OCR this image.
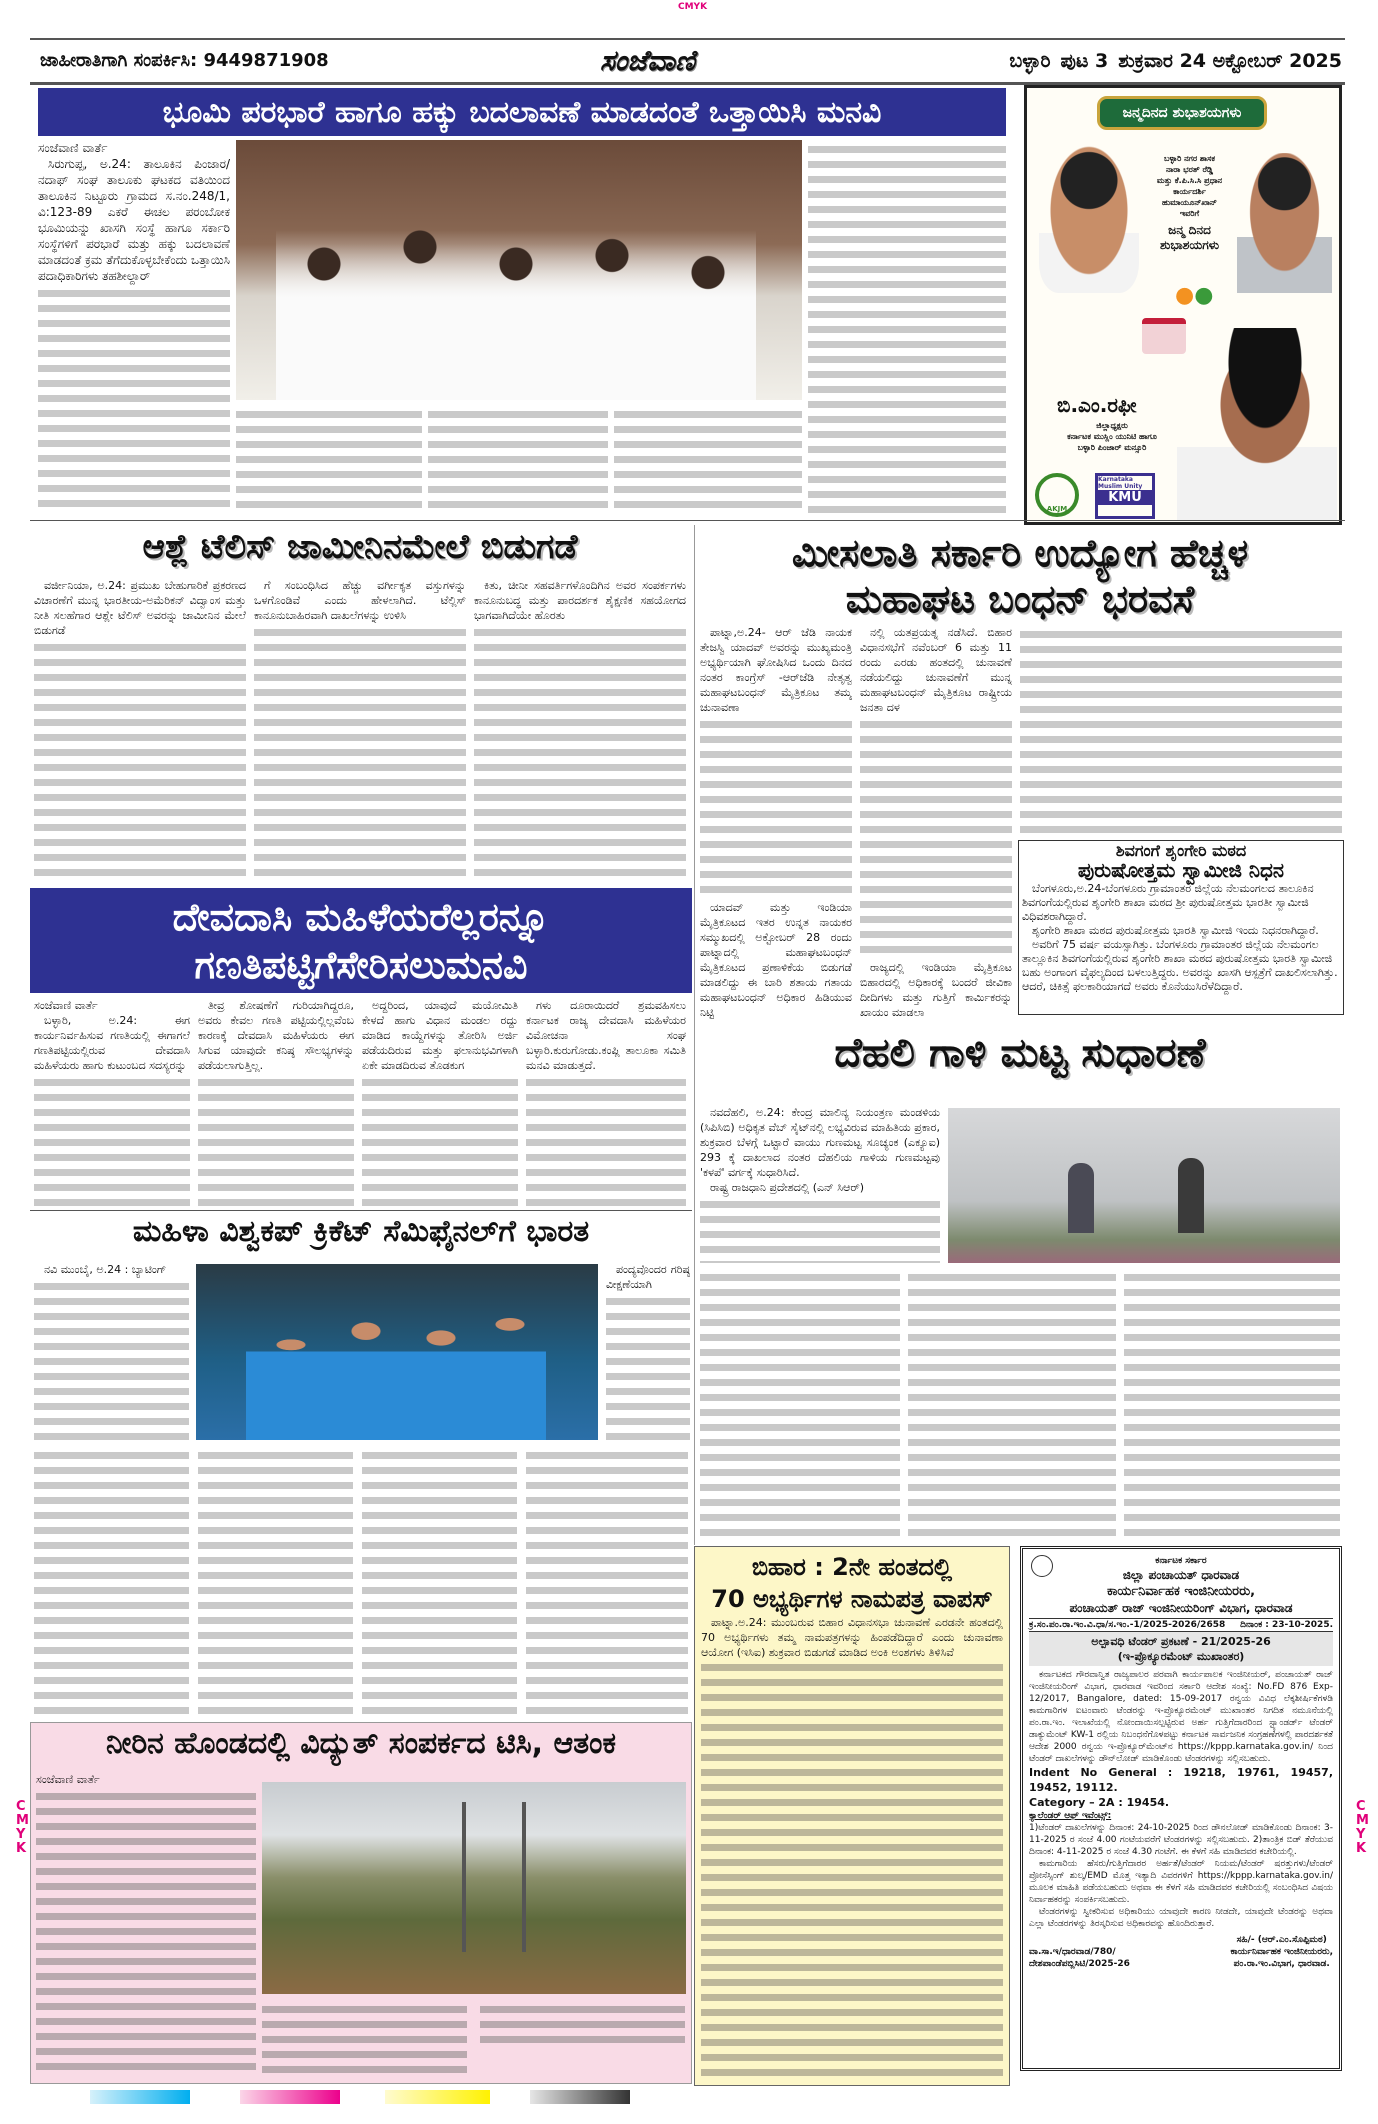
CMYK
CMYK
CMYK
ಜಾಹೀರಾತಿಗಾಗಿ ಸಂಪರ್ಕಿಸಿ: 9449871908	ಸಂಜೆವಾಣಿ	ಬಳ್ಳಾರಿ ಪುಟ 3 ಶುಕ್ರವಾರ 24 ಅಕ್ಟೋಬರ್ 2025
ಭೂಮಿ ಪರಭಾರೆ ಹಾಗೂ ಹಕ್ಕು ಬದಲಾವಣೆ ಮಾಡದಂತೆ ಒತ್ತಾಯಿಸಿ ಮನವಿ
ಸಂಜೆವಾಣಿ ವಾರ್ತೆ

ಸಿರುಗುಪ್ಪ, ಅ.24: ತಾಲೂಕಿನ ಪಿಂಜಾರ/ನದಾಫ್ ಸಂಘ ತಾಲೂಕು ಘಟಕದ ವತಿಯಿಂದ ತಾಲೂಕಿನ ನಿಟ್ಟೂರು ಗ್ರಾಮದ ಸ.ನಂ.248/1, ವಿ:123-89 ಎಕರೆ ಈಚಲ ಪರಂಬೋಕ ಭೂಮಿಯನ್ನು ಖಾಸಗಿ ಸಂಸ್ಥೆ ಹಾಗೂ ಸರ್ಕಾರಿ ಸಂಸ್ಥೆಗಳಿಗೆ ಪರಭಾರೆ ಮತ್ತು ಹಕ್ಕು ಬದಲಾವಣೆ ಮಾಡದಂತೆ ಕ್ರಮ ತೆಗೆದುಕೊಳ್ಳಬೇಕೆಂದು ಒತ್ತಾಯಿಸಿ ಪದಾಧಿಕಾರಿಗಳು ತಹಶೀಲ್ದಾರ್

ಜನ್ಮದಿನದ ಶುಭಾಶಯಗಳು
ಬಳ್ಳಾರಿ ನಗರ ಶಾಸಕ
ನಾರಾ ಭರತ್ ರೆಡ್ಡಿ
ಮತ್ತು ಕೆ.ಪಿ.ಸಿ.ಸಿ ಪ್ರಧಾನ
ಕಾರ್ಯದರ್ಶಿ
ಹುಮಾಯೂನ್‌ಖಾನ್
ಇವರಿಗೆ
ಜನ್ಮ ದಿನದ ಶುಭಾಶಯಗಳು
●●
ಬಿ.ಎಂ.ರಫೀ
ಜಿಲ್ಲಾಧ್ಯಕ್ಷರು
ಕರ್ನಾಟಕ ಮುಸ್ಲಿಂ ಯುನಿಟಿ ಹಾಗೂ
ಬಳ್ಳಾರಿ ಪಿಂಜಾರ್ ಮನ್ಸೂರಿ
AKJM
Karnataka Muslim Unity
KMU
ಆಶ್ಲೆ ಟೆಲಿಸ್ ಜಾಮೀನಿನಮೇಲೆ ಬಿಡುಗಡೆ

ವರ್ಜೀನಿಯಾ, ಅ.24: ಪ್ರಮುಖ ಬೇಹುಗಾರಿಕೆ ಪ್ರಕರಣದ ವಿಚಾರಣೆಗೆ ಮುನ್ನ ಭಾರತೀಯ-ಅಮೆರಿಕನ್ ವಿದ್ವಾಂಸ ಮತ್ತು ನೀತಿ ಸಲಹೆಗಾರ ಆಶ್ಲೇ ಟೆಲಿಸ್ ಅವರನ್ನು ಜಾಮೀನಿನ ಮೇಲೆ ಬಿಡುಗಡೆ

ಗೆ ಸಂಬಂಧಿಸಿದ ಹೆಚ್ಚು ವರ್ಗೀಕೃತ ವಸ್ತುಗಳನ್ನು ಒಳಗೊಂಡಿವೆ ಎಂದು ಹೇಳಲಾಗಿದೆ. ಟೆಲ್ಲಿಸ್ ಕಾನೂನುಬಾಹಿರವಾಗಿ ದಾಖಲೆಗಳನ್ನು ಉಳಿಸಿ

ಕಿತು, ಚೀನೀ ಸಹವರ್ತಿಗಳೊಂದಿಗಿನ ಅವರ ಸಂಪರ್ಕಗಳು ಕಾನೂನುಬದ್ಧ ಮತ್ತು ಪಾರದರ್ಶಕ ಶೈಕ್ಷಣಿಕ ಸಹಯೋಗದ ಭಾಗವಾಗಿದೆಯೇ ಹೊರತು

ಮೀಸಲಾತಿ ಸರ್ಕಾರಿ ಉದ್ಯೋಗ ಹೆಚ್ಚಳ
ಮಹಾಘಟ ಬಂಧನ್ ಭರವಸೆ

ಪಾಟ್ನಾ,ಅ.24- ಆರ್ ಜೆಡಿ ನಾಯಕ ತೇಜಸ್ವಿ ಯಾದವ್ ಅವರನ್ನು ಮುಖ್ಯಮಂತ್ರಿ ಅಭ್ಯರ್ಥಿಯಾಗಿ ಘೋಷಿಸಿದ ಒಂದು ದಿನದ ನಂತರ ಕಾಂಗ್ರೆಸ್ -ಆರ್‌ಜೆಡಿ ನೇತೃತ್ವ ಮಹಾಘಟಬಂಧನ್ ಮೈತ್ರಿಕೂಟ ತಮ್ಮ ಚುನಾವಣಾ

ಯಾದವ್ ಮತ್ತು ಇಂಡಿಯಾ ಮೈತ್ರಿಕೂಟದ ಇತರ ಉನ್ನತ ನಾಯಕರ ಸಮ್ಮುಖದಲ್ಲಿ ಅಕ್ಟೋಬರ್ 28 ರಂದು ಪಾಟ್ನಾದಲ್ಲಿ ಮಹಾಘಟಬಂಧನ್ ಮೈತ್ರಿಕೂಟದ ಪ್ರಣಾಳಿಕೆಯ ಬಿಡುಗಡೆ ಮಾಡಲಿದ್ದು ಈ ಬಾರಿ ಶತಾಯ ಗತಾಯ ಮಹಾಘಟಬಂಧನ್ ಅಧಿಕಾರ ಹಿಡಿಯುವ ನಿಟ್ಟಿ

ನಲ್ಲಿ ಯತಪ್ರಯತ್ನ ನಡೆಸಿದೆ. ಬಿಹಾರ ವಿಧಾನಸಭೆಗೆ ನವೆಂಬರ್ 6 ಮತ್ತು 11 ರಂದು ಎರಡು ಹಂತದಲ್ಲಿ ಚುನಾವಣೆ ನಡೆಯಲಿದ್ದು ಚುನಾವಣೆಗೆ ಮುನ್ನ ಮಹಾಘಟಬಂಧನ್ ಮೈತ್ರಿಕೂಟ ರಾಷ್ಟ್ರೀಯ ಜನತಾ ದಳ

ರಾಜ್ಯದಲ್ಲಿ ಇಂಡಿಯಾ ಮೈತ್ರಿಕೂಟ ಬಿಹಾರದಲ್ಲಿ ಅಧಿಕಾರಕ್ಕೆ ಬಂದರೆ ಜೀವಿಕಾ ದೀದಿಗಳು ಮತ್ತು ಗುತ್ತಿಗೆ ಕಾರ್ಮಿಕರನ್ನು ಖಾಯಂ ಮಾಡಲಾ

ಶಿವಗಂಗೆ ಶೃಂಗೇರಿ ಮಠದ
ಪುರುಷೋತ್ತಮ ಸ್ವಾಮೀಜಿ ನಿಧನ

ಬೆಂಗಳೂರು,ಅ.24-ಬೆಂಗಳೂರು ಗ್ರಾಮಾಂತರ ಜಿಲ್ಲೆಯ ನೆಲಮಂಗಲದ ತಾಲೂಕಿನ ಶಿವಗಂಗೆಯಲ್ಲಿರುವ ಶೃಂಗೇರಿ ಶಾಖಾ ಮಠದ ಶ್ರೀ ಪುರುಷೋತ್ತಮ ಭಾರತೀ ಸ್ವಾಮೀಜಿ ವಿಧಿವಶರಾಗಿದ್ದಾರೆ.

ಶೃಂಗೇರಿ ಶಾಖಾ ಮಠದ ಪುರುಷೋತ್ತಮ ಭಾರತಿ ಸ್ವಾಮೀಜಿ ಇಂದು ನಿಧನರಾಗಿದ್ದಾರೆ.

ಅವರಿಗೆ 75 ವರ್ಷ ವಯಸ್ಸಾಗಿತ್ತು. ಬೆಂಗಳೂರು ಗ್ರಾಮಾಂತರ ಜಿಲ್ಲೆಯ ನೆಲಮಂಗಲ ತಾಲ್ಲೂಕಿನ ಶಿವಗಂಗೆಯಲ್ಲಿರುವ ಶೃಂಗೇರಿ ಶಾಖಾ ಮಠದ ಪುರುಷೋತ್ತಮ ಭಾರತಿ ಸ್ವಾಮೀಜಿ ಬಹು ಅಂಗಾಂಗ ವೈಫಲ್ಯದಿಂದ ಬಳಲುತ್ತಿದ್ದರು. ಅವರನ್ನು ಖಾಸಗಿ ಆಸ್ಪತ್ರೆಗೆ ದಾಖಲಿಸಲಾಗಿತ್ತು. ಆದರೆ, ಚಿಕಿತ್ಸೆ ಫಲಕಾರಿಯಾಗದೆ ಅವರು ಕೊನೆಯುಸಿರೆಳೆದಿದ್ದಾರೆ.

ದೇವದಾಸಿ ಮಹಿಳೆಯರೆಲ್ಲರನ್ನೂ
ಗಣತಿಪಟ್ಟಿಗೆಸೇರಿಸಲುಮನವಿ
ಸಂಜೆವಾಣಿ ವಾರ್ತೆ

ಬಳ್ಳಾರಿ, ಅ.24: ಈಗ ಕಾರ್ಯನಿರ್ವಹಿಸುವ ಗಣತಿಯಲ್ಲಿ ಈಗಾಗಲೆ ಗಣತಿಪಟ್ಟಿಯಲ್ಲಿರುವ ದೇವದಾಸಿ ಮಹಿಳೆಯರು ಹಾಗು ಕುಟುಂಬದ ಸದಸ್ಯರನ್ನು

ತೀವ್ರ ಶೋಷಣೆಗೆ ಗುರಿಯಾಗಿದ್ದರೂ, ಅವರು ಕೇವಲ ಗಣತಿ ಪಟ್ಟಿಯಲ್ಲಿಲ್ಲವೆಂಬ ಕಾರಣಕ್ಕೆ ದೇವದಾಸಿ ಮಹಿಳೆಯರು ಈಗ ಸಿಗುವ ಯಾವುದೇ ಕನಿಷ್ಠ ಸೌಲಭ್ಯಗಳನ್ನು ಪಡೆಯಲಾಗುತ್ತಿಲ್ಲ.

ಅದ್ದರಿಂದ, ಯಾವುದೆ ಮಯೋಮಿತಿ ಕೇಳದೆ ಹಾಗು ವಿಧಾನ ಮಂಡಲ ರದ್ದು ಮಾಡಿದ ಕಾಯ್ದೆಗಳನ್ನು ತೋರಿಸಿ ಅರ್ಜಿ ಪಡೆಯದಿರುವ ಮತ್ತು ಫಲಾನುಭವಿಗಳಾಗಿ ಏಕೇ ಮಾಡದಿರುವ ತೊಡಕುಗ

ಗಳು ದೂರಾಯಿದರೆ ಶ್ರಮವಹಿಸಲು ಕರ್ನಾಟಕ ರಾಜ್ಯ ದೇವದಾಸಿ ಮಹಿಳೆಯರ ವಿಮೋಚನಾ ಸಂಘ ಬಳ್ಳಾರಿ.ಕುರುಗೋಡು.ಕಂಪ್ಲಿ ತಾಲೂಕಾ ಸಮಿತಿ ಮನವಿ ಮಾಡುತ್ತದೆ.	ದೆಹಲಿ ಗಾಳಿ ಮಟ್ಟ ಸುಧಾರಣೆ

ನವದೆಹಲಿ, ಅ.24: ಕೇಂದ್ರ ಮಾಲಿನ್ಯ ನಿಯಂತ್ರಣ ಮಂಡಳಿಯ (ಸಿಪಿಸಿಬಿ) ಅಧಿಕೃತ ವೆಬ್ ಸೈಟ್‌ನಲ್ಲಿ ಲಭ್ಯವಿರುವ ಮಾಹಿತಿಯ ಪ್ರಕಾರ, ಶುಕ್ರವಾರ ಬೆಳಗ್ಗೆ ಒಟ್ಟಾರೆ ವಾಯು ಗುಣಮಟ್ಟ ಸೂಚ್ಯಂಕ (ಎಕ್ಯೂಐ) 293 ಕ್ಕೆ ದಾಖಲಾದ ನಂತರ ದೆಹಲಿಯ ಗಾಳಿಯ ಗುಣಮಟ್ಟವು 'ಕಳಪೆ' ವರ್ಗಕ್ಕೆ ಸುಧಾರಿಸಿದೆ.

ರಾಷ್ಟ್ರ ರಾಜಧಾನಿ ಪ್ರದೇಶದಲ್ಲಿ (ಎನ್ ಸಿಆರ್)

ಮಹಿಳಾ ವಿಶ್ವಕಪ್ ಕ್ರಿಕೆಟ್ ಸೆಮಿಫೈನಲ್‌ಗೆ ಭಾರತ

ನವಿ ಮುಂಬೈ, ಅ.24 : ಬ್ಯಾಟಿಂಗ್	ಪಂದ್ಯವೊಂದರ ಗರಿಷ್ಠ ವೀಕ್ಷಣೆಯಾಗಿ

ನೀರಿನ ಹೊಂಡದಲ್ಲಿ ವಿದ್ಯುತ್ ಸಂಪರ್ಕದ ಟಿಸಿ, ಆತಂಕ
ಸಂಜೆವಾಣಿ ವಾರ್ತೆ
ಬಿಹಾರ : 2ನೇ ಹಂತದಲ್ಲಿ
70 ಅಭ್ಯರ್ಥಿಗಳ ನಾಮಪತ್ರ ವಾಪಸ್

ಪಾಟ್ನಾ.ಅ.24: ಮುಂಬರುವ ಬಿಹಾರ ವಿಧಾನಸಭಾ ಚುನಾವಣೆ ಎರಡನೇ ಹಂತದಲ್ಲಿ 70 ಅಭ್ಯರ್ಥಿಗಳು ತಮ್ಮ ನಾಮಪತ್ರಗಳನ್ನು ಹಿಂಪಡೆದಿದ್ದಾರೆ ಎಂದು ಚುನಾವಣಾ ಆಯೋಗ (ಇಸಿಐ) ಶುಕ್ರವಾರ ಬಿಡುಗಡೆ ಮಾಡಿದ ಅಂಕಿ ಅಂಶಗಳು ತಿಳಿಸಿವೆ

ಕರ್ನಾಟಕ ಸರ್ಕಾರ
ಜಿಲ್ಲಾ ಪಂಚಾಯತ್ ಧಾರವಾಡ
ಕಾರ್ಯನಿರ್ವಾಹಕ ಇಂಜಿನೀಯರರು,
ಪಂಚಾಯತ್ ರಾಜ್ ಇಂಜಿನೀಯರಿಂಗ್ ವಿಭಾಗ, ಧಾರವಾಡ
ಕ್ರ.ಸಂ.ಪಂ.ರಾ.ಇಂ.ವಿ.ಧಾ/ಸ.ಇಂ.-1/2025-2026/2658 ದಿನಾಂಕ : 23-10-2025.
ಅಲ್ಪಾವಧಿ ಟೆಂಡರ್ ಪ್ರಕಟಣೆ - 21/2025-26
(ಇ-ಪ್ರೊಕ್ಯೂರಮೆಂಟ್ ಮುಖಾಂತರ)

ಕರ್ನಾಟಕದ ಗೌರವಾನ್ವಿತ ರಾಜ್ಯಪಾಲರ ಪರವಾಗಿ ಕಾರ್ಯಪಾಲಕ ಇಂಜಿನೀಯರ್, ಪಂಚಾಯತ್ ರಾಜ್ ಇಂಜಿನೀಯರಿಂಗ್ ವಿಭಾಗ, ಧಾರವಾಡ ಇವರಿಂದ ಸರ್ಕಾರಿ ಆದೇಶ ಸಂಖ್ಯೆ: No.FD 876 Exp-12/2017, Bangalore, dated: 15-09-2017 ರನ್ವಯ ವಿವಿಧ ಲೆಕ್ಕಶೀರ್ಷಿಕೆಗಳಡಿ ಕಾಮಗಾರಿಗಳ ಐಟಂವಾರು ಟೆಂಡರನ್ನು ಇ-ಪ್ರೊಕ್ಯೂರಮೆಂಟ್ ಮುಖಾಂತರ ನಿಗದಿತ ನಮೂನೆಯಲ್ಲಿ ಪಂ.ರಾ.ಇಂ. ಇಲಾಖೆಯಲ್ಲಿ ನೋಂದಾಯಿಸಲ್ಪಟ್ಟಿರುವ ಅರ್ಹ ಗುತ್ತಿಗೆದಾರರಿಂದ ಸ್ಟ್ಯಾಂಡರ್ಡ್ ಟೆಂಡರ್ ಡಾಕ್ಯುಮೆಂಟ್ KW-1 ರಲ್ಲಿಯ ನಿಬಂಧನೆಗೊಳಪಟ್ಟು ಕರ್ನಾಟಕ ಸಾರ್ವಜನಿಕ ಸಂಗ್ರಹಣೆಗಳಲ್ಲಿ ಪಾರದರ್ಶಕತೆ ಆದೇಶ 2000 ರನ್ವಯ ಇ-ಪ್ರೊಕ್ಯೂರ್‌ಮೆಂಟ್‌ನ https://kppp.karnataka.gov.in/ ನಿಂದ ಟೆಂಡರ್ ದಾಖಲೆಗಳನ್ನು ಡೌನ್‌ಲೋಡ್ ಮಾಡಿಕೊಂಡು ಟೆಂಡರಗಳನ್ನು ಸಲ್ಲಿಸಬಹುದು.

Indent No General : 19218, 19761, 19457, 19452, 19112.
Category – 2A : 19454.
ಕ್ಯಾಲೆಂಡರ್ ಆಫ್ ಇವೆಂಟ್ಸ್:

1)ಟೆಂಡರ್ ದಾಖಲೆಗಳನ್ನು ದಿನಾಂಕ: 24-10-2025 ರಿಂದ ಡೌನಲೋಡ್ ಮಾಡಿಕೊಂಡು ದಿನಾಂಕ: 3-11-2025 ರ ಸಂಜೆ 4.00 ಗಂಟೆಯವರೆಗೆ ಟೆಂಡರಗಳನ್ನು ಸಲ್ಲಿಸಬಹುದು. 2)ತಾಂತ್ರಿಕ ಬಿಡ್ ತೆರೆಯುವ ದಿನಾಂಕ: 4-11-2025 ರ ಸಂಜೆ 4.30 ಗಂಟೆಗೆ. ಈ ಕೆಳಗೆ ಸಹಿ ಮಾಡಿದವರ ಕಚೇರಿಯಲ್ಲಿ.

ಕಾಮಗಾರಿಯ ಹೆಸರು/ಗುತ್ತಿಗೆದಾರರ ಅರ್ಹತೆ/ಟೆಂಡರ್ ನಿಯಮ/ಟೆಂಡರ್ ಷರತ್ತುಗಳು/ಟೆಂಡರ್ ಪ್ರೋಸೆಸ್ಸಿಂಗ್ ಶುಲ್ಕ/EMD ಮೊತ್ತ ಇತ್ಯಾದಿ ವಿವರಗಳಿಗೆ https://kppp.karnataka.gov.in/ ಮೂಲಕ ಮಾಹಿತಿ ಪಡೆಯಬಹುದು ಅಥವಾ ಈ ಕೆಳಗೆ ಸಹಿ ಮಾಡಿದವರ ಕಚೇರಿಯಲ್ಲಿ ಸಂಬಂಧಿಸಿದ ವಿಷಯ ನಿರ್ವಾಹಕರನ್ನು ಸಂಪರ್ಕಿಸಬಹುದು.

ಟೆಂಡರಗಳನ್ನು ಸ್ವೀಕರಿಸುವ ಅಧಿಕಾರಿಯು ಯಾವುದೇ ಕಾರಣ ನೀಡದೇ, ಯಾವುದೇ ಟೆಂಡರನ್ನು ಅಥವಾ ಎಲ್ಲಾ ಟೆಂಡರಗಳನ್ನು ತಿರಸ್ಕರಿಸುವ ಅಧಿಕಾರವನ್ನು ಹೊಂದಿರುತ್ತಾರೆ.

ವಾ.ಸಾ.ಇ/ಧಾರವಾಡ/780/
ದೇಶಪಾಂಡೆಪಬ್ಲಿಸಿಟಿ/2025-26
ಸಹಿ/- (ಆರ್.ಎಂ.ಸೊಪ್ಪಿಮಠ)
ಕಾರ್ಯನಿರ್ವಾಹಕ ಇಂಜಿನೀಯರರು,
ಪಂ.ರಾ.ಇಂ.ವಿಭಾಗ, ಧಾರವಾಡ.
